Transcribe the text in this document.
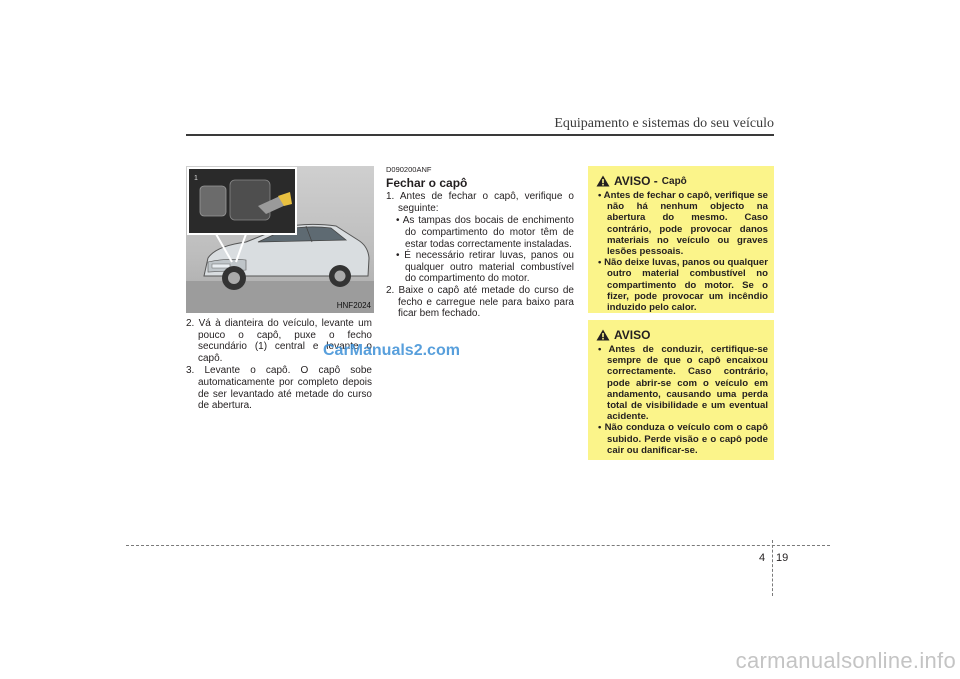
Equipamento e sistemas do seu veículo
1
HNF2024

2. Vá à dianteira do veículo, levante um pouco o capô, puxe o fecho secundário (1) central e levante o capô.

3. Levante o capô. O capô sobe automaticamente por completo depois de ser levantado até metade do curso de abertura.

D090200ANF
Fechar o capô

1. Antes de fechar o capô, verifique o seguinte:

• As tampas dos bocais de enchimento do compartimento do motor têm de estar todas correctamente instaladas.

• É necessário retirar luvas, panos ou qualquer outro material combustível do compartimento do motor.

2. Baixe o capô até metade do curso de fecho e carregue nele para baixo para ficar bem fechado.

AVISO - Capô

• Antes de fechar o capô, verifique se não há nenhum objecto na abertura do mesmo. Caso contrário, pode provocar danos materiais no veículo ou graves lesões pessoais.

• Não deixe luvas, panos ou qualquer outro material combustível no compartimento do motor. Se o fizer, pode provocar um incêndio induzido pelo calor.

AVISO

• Antes de conduzir, certifique-se sempre de que o capô encaixou correctamente. Caso contrário, pode abrir-se com o veículo em andamento, causando uma perda total de visibilidade e um eventual acidente.

• Não conduza o veículo com o capô subido. Perde visão e o capô pode cair ou danificar-se.

CarManuals2.com
4 19
carmanualsonline.info
